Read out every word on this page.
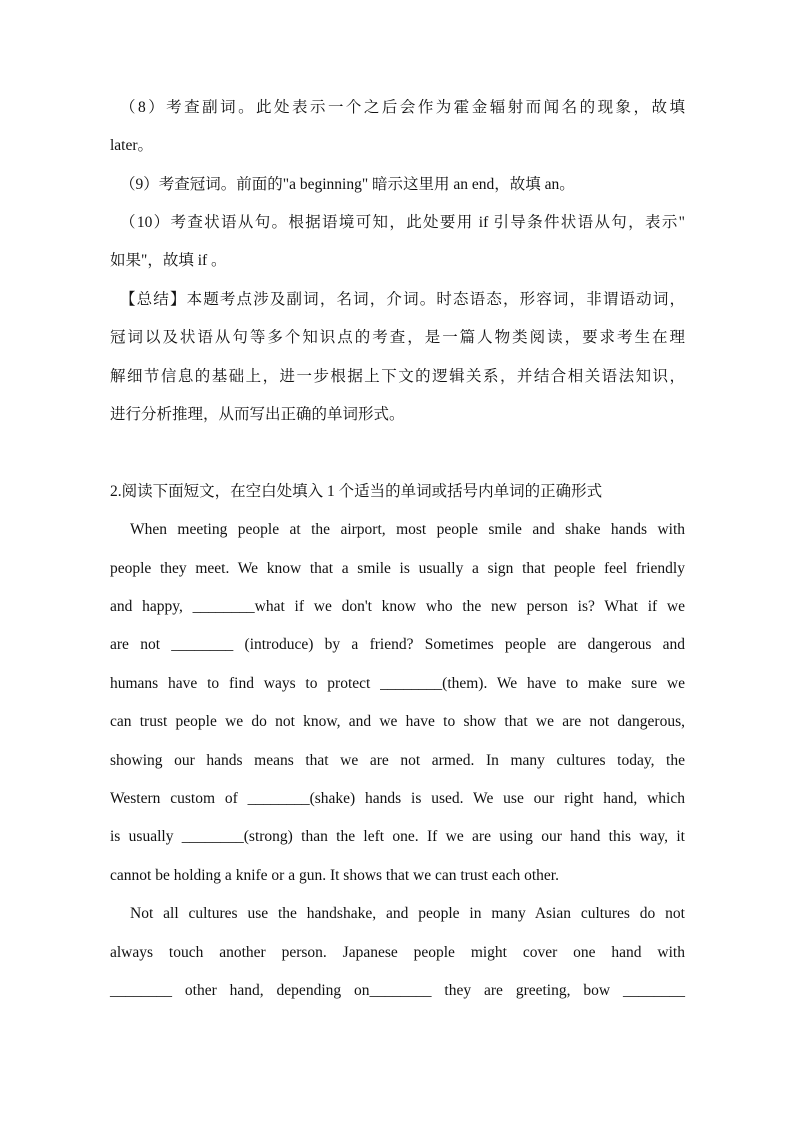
（8）考查副词。此处表示一个之后会作为霍金辐射而闻名的现象，故填
later。
（9）考查冠词。前面的"a beginning" 暗示这里用 an end，故填 an。
（10）考查状语从句。根据语境可知，此处要用 if 引导条件状语从句，表示"
如果"，故填 if 。
【总结】本题考点涉及副词，名词，介词。时态语态，形容词，非谓语动词，
冠词以及状语从句等多个知识点的考查，是一篇人物类阅读，要求考生在理
解细节信息的基础上，进一步根据上下文的逻辑关系，并结合相关语法知识，
进行分析推理，从而写出正确的单词形式。
2.阅读下面短文，在空白处填入 1 个适当的单词或括号内单词的正确形式
When meeting people at the airport, most people smile and shake hands with
people they meet. We know that a smile is usually a sign that people feel friendly
and happy, ________what if we don't know who the new person is? What if we
are not ________ (introduce) by a friend? Sometimes people are dangerous and
humans have to find ways to protect ________(them). We have to make sure we
can trust people we do not know, and we have to show that we are not dangerous,
showing our hands means that we are not armed. In many cultures today, the
Western custom of ________(shake) hands is used. We use our right hand, which
is usually ________(strong) than the left one. If we are using our hand this way, it
cannot be holding a knife or a gun. It shows that we can trust each other.
Not all cultures use the handshake, and people in many Asian cultures do not
always touch another person. Japanese people might cover one hand with
________ other hand, depending on________ they are greeting, bow ________
